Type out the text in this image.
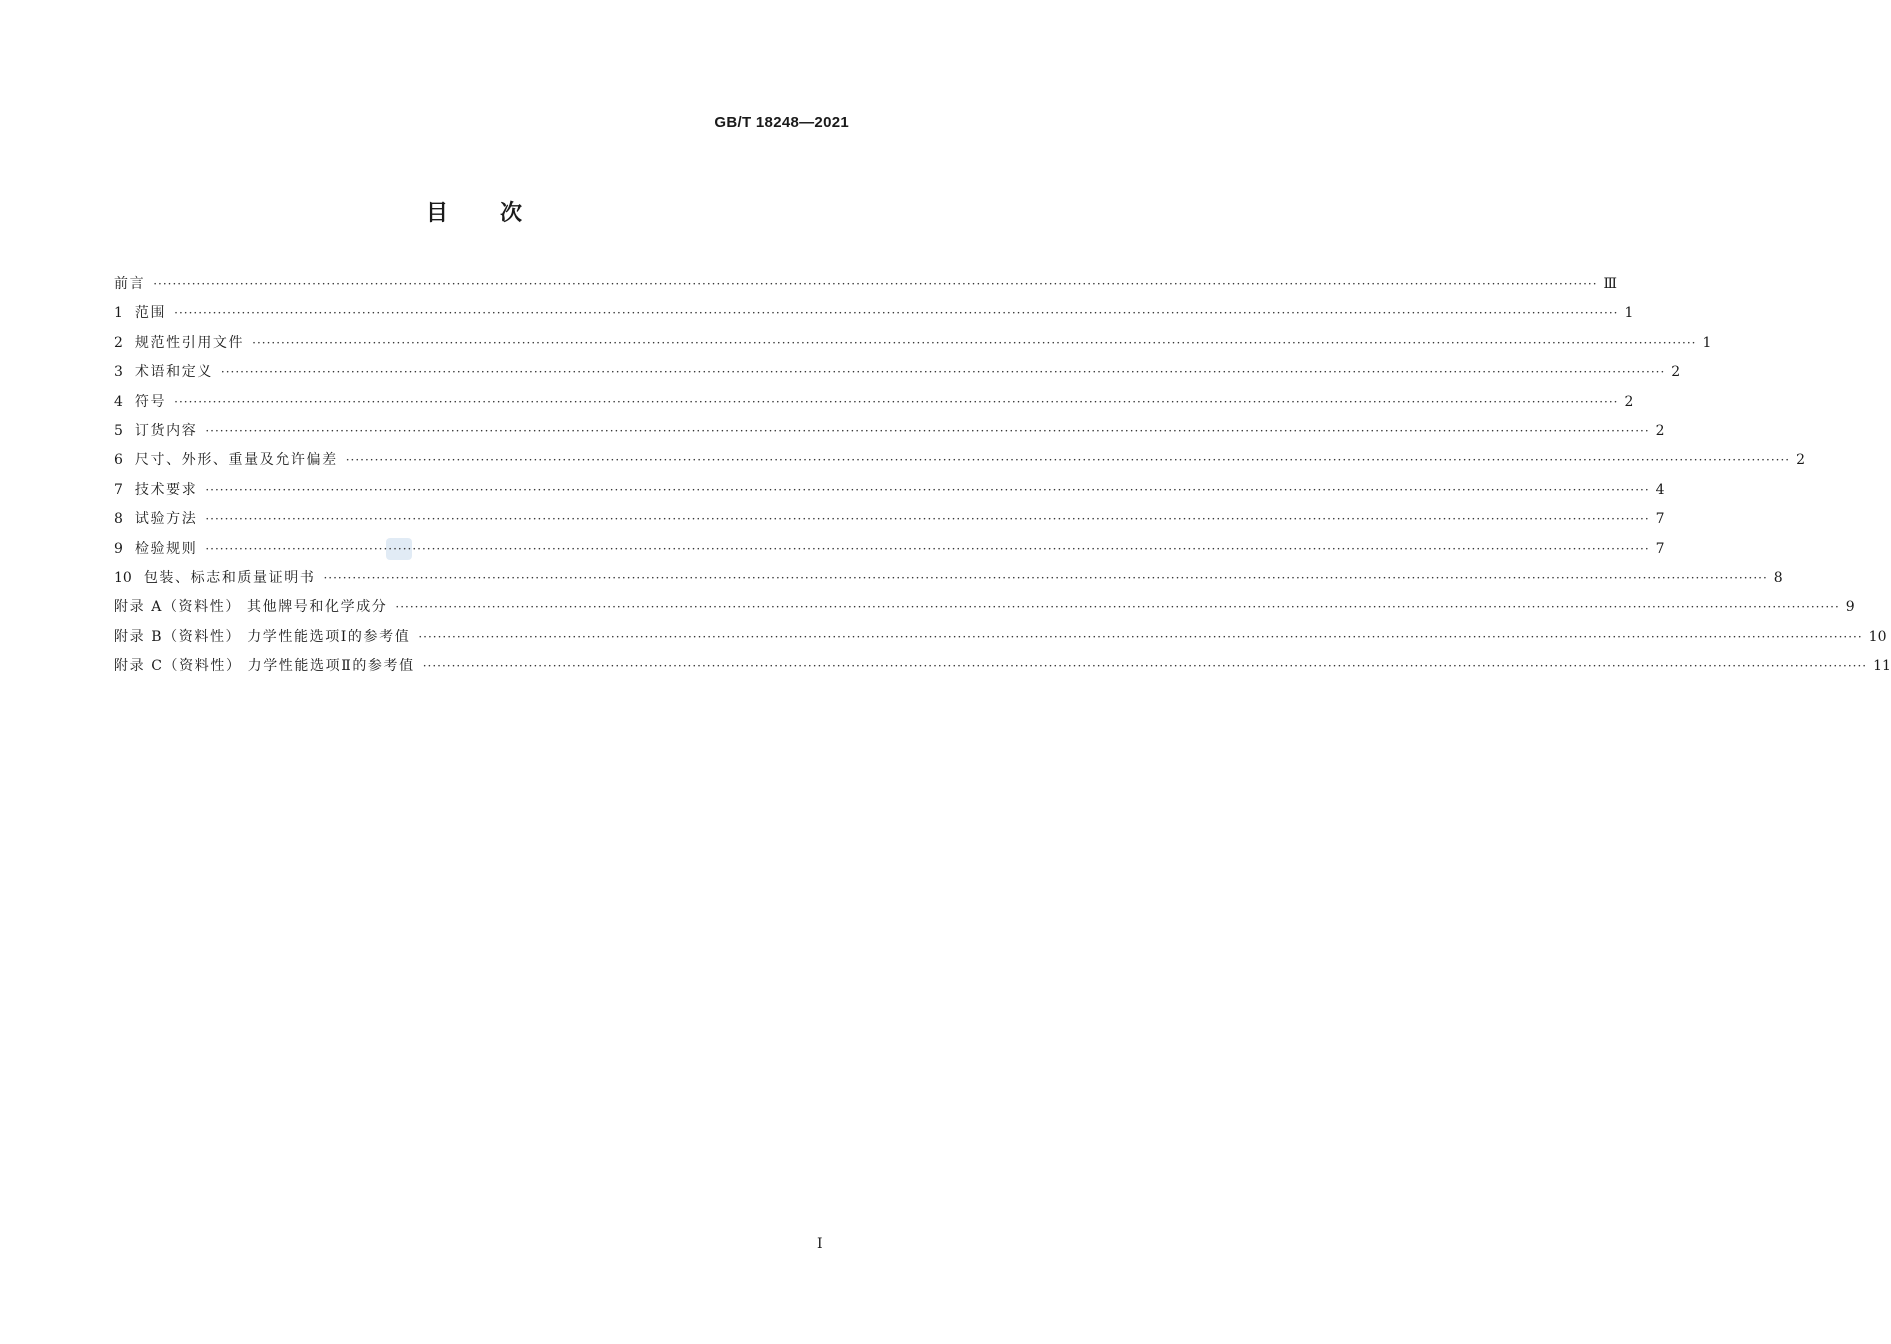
GB/T 18248—2021
目 次
前言 ············································································································································································································································································································ Ⅲ
1 范围 ············································································································································································································································································································ 1
2 规范性引用文件 ············································································································································································································································································································ 1
3 术语和定义 ············································································································································································································································································································ 2
4 符号 ············································································································································································································································································································ 2
5 订货内容 ············································································································································································································································································································ 2
6 尺寸、外形、重量及允许偏差 ············································································································································································································································································································ 2
7 技术要求 ············································································································································································································································································································ 4
8 试验方法 ············································································································································································································································································································ 7
9 检验规则 ············································································································································································································································································································ 7
10 包装、标志和质量证明书 ············································································································································································································································································································ 8
附录 A（资料性） 其他牌号和化学成分 ············································································································································································································································································································ 9
附录 B（资料性） 力学性能选项Ⅰ的参考值 ············································································································································································································································································································ 10
附录 C（资料性） 力学性能选项Ⅱ的参考值 ············································································································································································································································································································ 11
Ⅰ
